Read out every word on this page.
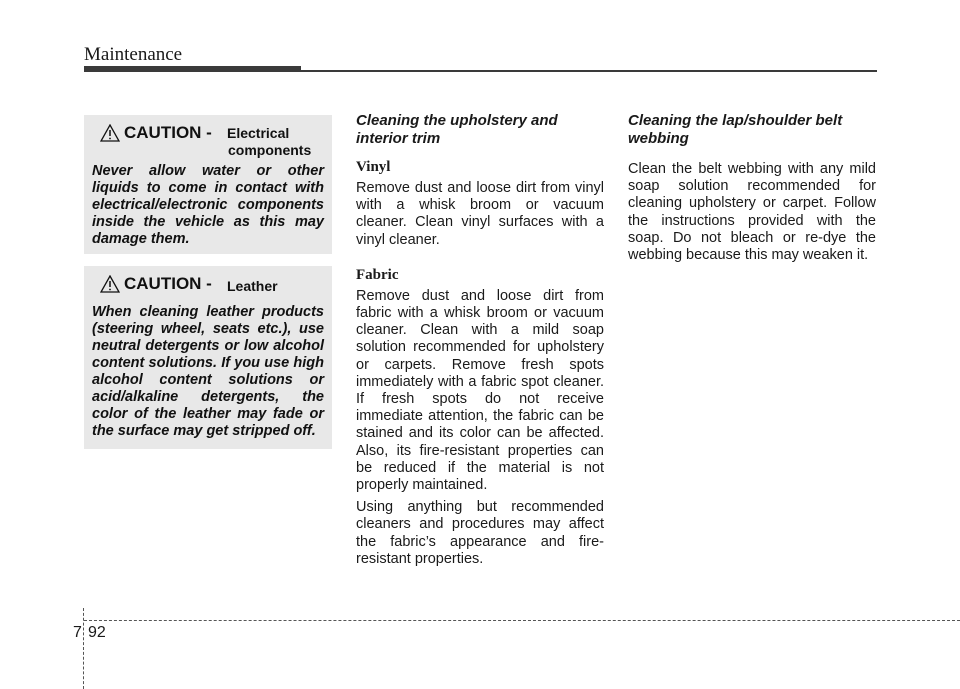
Maintenance
CAUTION - Electrical
components
Never allow water or other liquids to come in contact with electrical/electronic components inside the vehicle as this may damage them.
CAUTION - Leather
When cleaning leather products (steering wheel, seats etc.), use neutral detergents or low alcohol content solutions. If you use high alcohol content solutions or acid/alkaline detergents, the color of the leather may fade or the surface may get stripped off.

Cleaning the upholstery and interior trim

Vinyl

Remove dust and loose dirt from vinyl with a whisk broom or vacuum cleaner. Clean vinyl surfaces with a vinyl cleaner.

Fabric

Remove dust and loose dirt from fabric with a whisk broom or vacuum cleaner. Clean with a mild soap solution recommended for upholstery or carpets. Remove fresh spots immediately with a fabric spot cleaner. If fresh spots do not receive immediate attention, the fabric can be stained and its color can be affected. Also, its fire-resistant properties can be reduced if the material is not properly maintained.

Using anything but recommended cleaners and procedures may affect the fabric’s appearance and fire-resistant properties.

Cleaning the lap/shoulder belt webbing

Clean the belt webbing with any mild soap solution recommended for cleaning upholstery or carpet. Follow the instructions provided with the soap. Do not bleach or re-dye the webbing because this may weaken it.

7 92
